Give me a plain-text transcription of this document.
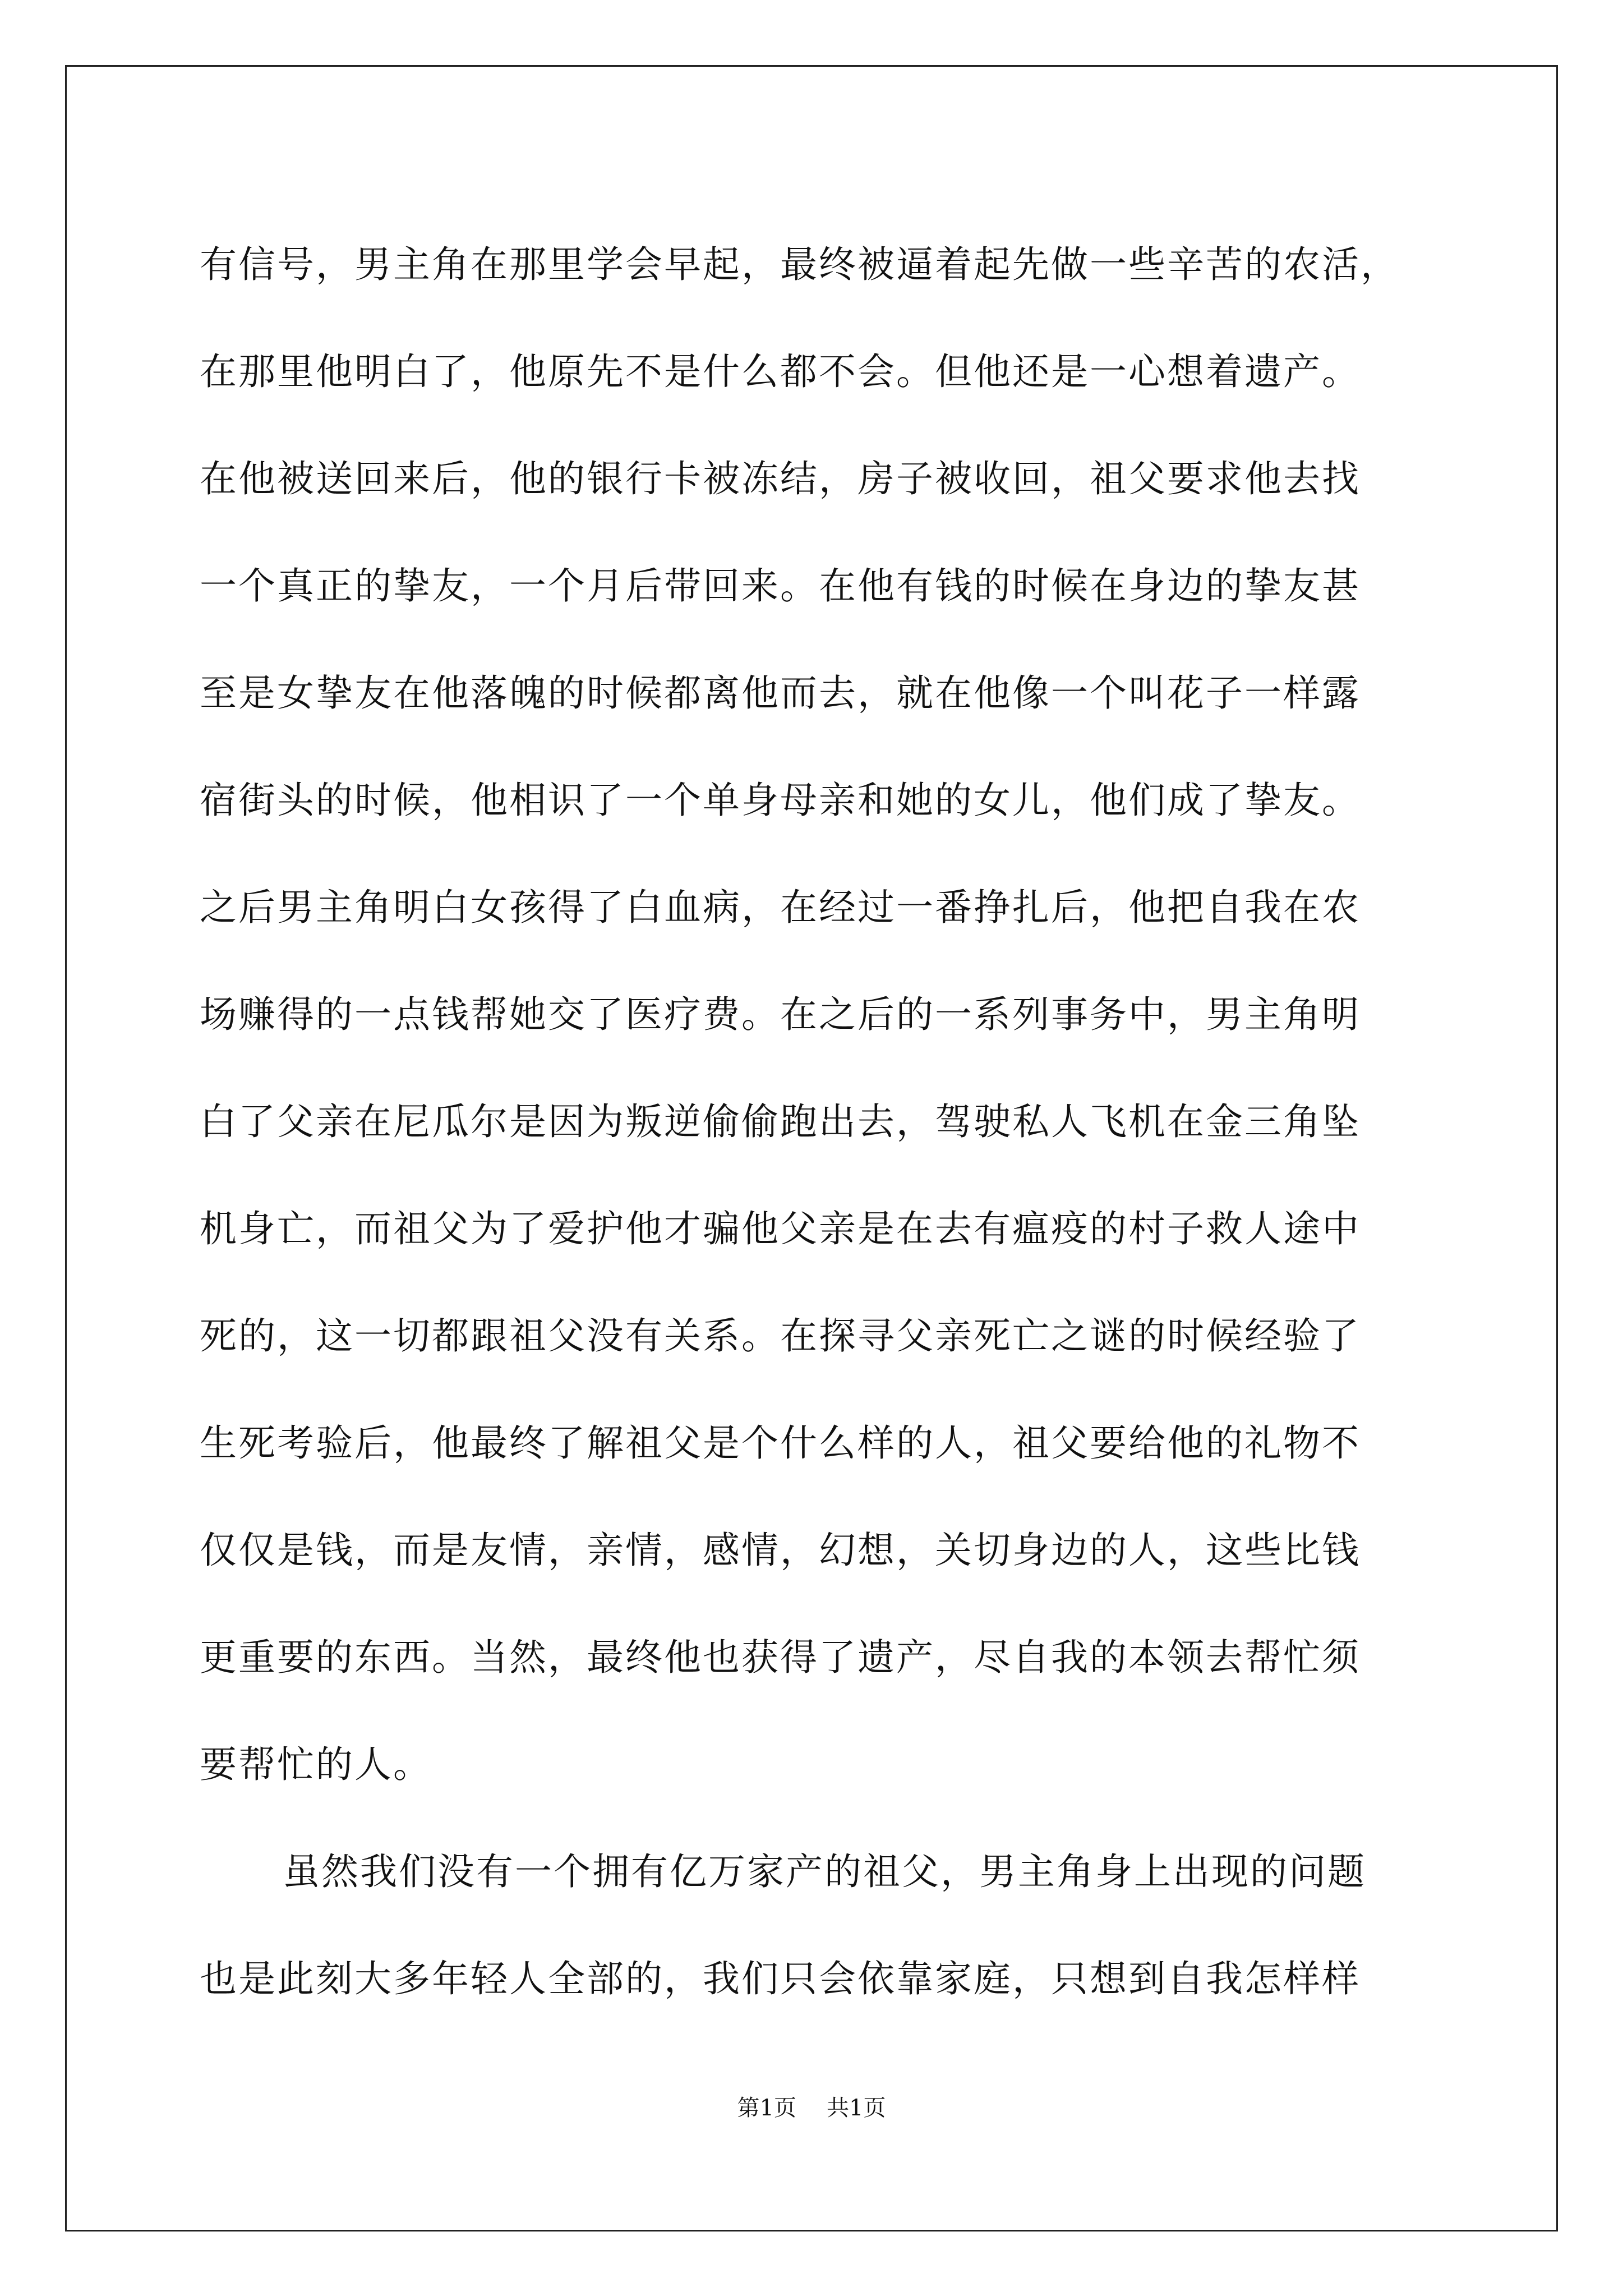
有信号，男主角在那里学会早起，最终被逼着起先做一些辛苦的农活，
在那里他明白了，他原先不是什么都不会。但他还是一心想着遗产。
在他被送回来后，他的银行卡被冻结，房子被收回，祖父要求他去找
一个真正的挚友，一个月后带回来。在他有钱的时候在身边的挚友甚
至是女挚友在他落魄的时候都离他而去，就在他像一个叫花子一样露
宿街头的时候，他相识了一个单身母亲和她的女儿，他们成了挚友。
之后男主角明白女孩得了白血病，在经过一番挣扎后，他把自我在农
场赚得的一点钱帮她交了医疗费。在之后的一系列事务中，男主角明
白了父亲在尼瓜尔是因为叛逆偷偷跑出去，驾驶私人飞机在金三角坠
机身亡，而祖父为了爱护他才骗他父亲是在去有瘟疫的村子救人途中
死的，这一切都跟祖父没有关系。在探寻父亲死亡之谜的时候经验了
生死考验后，他最终了解祖父是个什么样的人，祖父要给他的礼物不
仅仅是钱，而是友情，亲情，感情，幻想，关切身边的人，这些比钱
更重要的东西。当然，最终他也获得了遗产，尽自我的本领去帮忙须
要帮忙的人。
虽然我们没有一个拥有亿万家产的祖父，男主角身上出现的问题
也是此刻大多年轻人全部的，我们只会依靠家庭，只想到自我怎样样
第1页 共1页
